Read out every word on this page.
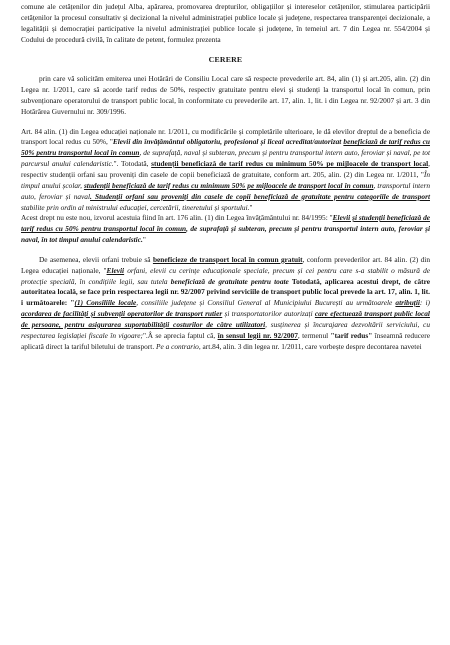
comune ale cetățenilor din județul Alba, apărarea, promovarea drepturilor, obligațiilor și intereselor cetățenilor, stimularea participării cetățenilor la procesul consultativ și decizional la nivelul administrației publice locale și județene, respectarea transparenței decizionale, a legalității și democrației participative la nivelul administrației publice locale și județene, în temeiul art. 7 din Legea nr. 554/2004 și Codului de procedură civilă, în calitate de petent, formulez prezenta

CERERE

prin care vă solicităm emiterea unei Hotărâri de Consiliu Local care să respecte prevederile art. 84, alin (1) și art.205, alin. (2) din Legea nr. 1/2011, care să acorde tarif redus de 50%, respectiv gratuitate pentru elevi și studenți la transportul local în comun, prin subvenționare operatorului de transport public local, în conformitate cu prevederile art. 17, alin. 1, lit. i din Legea nr. 92/2007 și art. 3 din Hotărârea Guvernului nr. 309/1996.

Art. 84 alin. (1) din Legea educației naționale nr. 1/2011, cu modificările și completările ulterioare, le dă elevilor dreptul de a beneficia de transport local redus cu 50%, "Elevii din învățământul obligatoriu, profesional și liceal acreditat/autorizat beneficiază de tarif redus cu 50% pentru transportul local în comun, de suprafață, naval și subteran, precum și pentru transportul intern auto, feroviar și naval, pe tot parcursul anului calendaristic.". Totodată, studenții beneficiază de tarif redus cu minimum 50% pe mijloacele de transport local, respectiv studenții orfani sau proveniți din casele de copii beneficiază de gratuitate, conform art. 205, alin. (2) din Legea nr. 1/2011, "În timpul anului școlar, studenții beneficiază de tarif redus cu minimum 50% pe mijloacele de transport local în comun, transportul intern auto, feroviar și naval. Studenții orfani sau proveniți din casele de copii beneficiază de gratuitate pentru categoriile de transport stabilite prin ordin al ministrului educației, cercetării, tineretului și sportului."

Acest drept nu este nou, izvorul acestuia fiind în art. 176 alin. (1) din Legea învățământului nr. 84/1995: "Elevii și studenții beneficiază de tarif redus cu 50% pentru transportul local în comun, de suprafață și subteran, precum și pentru transportul intern auto, feroviar și naval, în tot timpul anului calendaristic."

De asemenea, elevii orfani trebuie să beneficieze de transport local în comun gratuit, conform prevederilor art. 84 alin. (2) din Legea educației naționale, "Elevii orfani, elevii cu cerințe educaționale speciale, precum și cei pentru care s-a stabilit o măsură de protecție specială, în condițiile legii, sau tutela beneficiază de gratuitate pentru toate Totodată, aplicarea acestui drept, de către autoritatea locală, se face prin respectarea legii nr. 92/2007 privind serviciile de transport public local prevede la art. 17, alin. 1, lit. i următoarele: "(1) Consiliile locale, consiliile județene și Consiliul General al Municipiului București au următoarele atribuții: i) acordarea de facilități și subvenții operatorilor de transport rutier și transportatorilor autorizați care efectuează transport public local de persoane, pentru asigurarea suportabilității costurilor de către utilizatori, susținerea și încurajarea dezvoltării serviciului, cu respectarea legislației fiscale în vigoare;".Â se aprecia faptul că, în sensul legii nr. 92/2007, termenul "tarif redus" înseamnă reducere aplicată direct la tariful biletului de transport. Pe a contrario, art.84, alin. 3 din legea nr. 1/2011, care vorbește despre decontarea navetei
